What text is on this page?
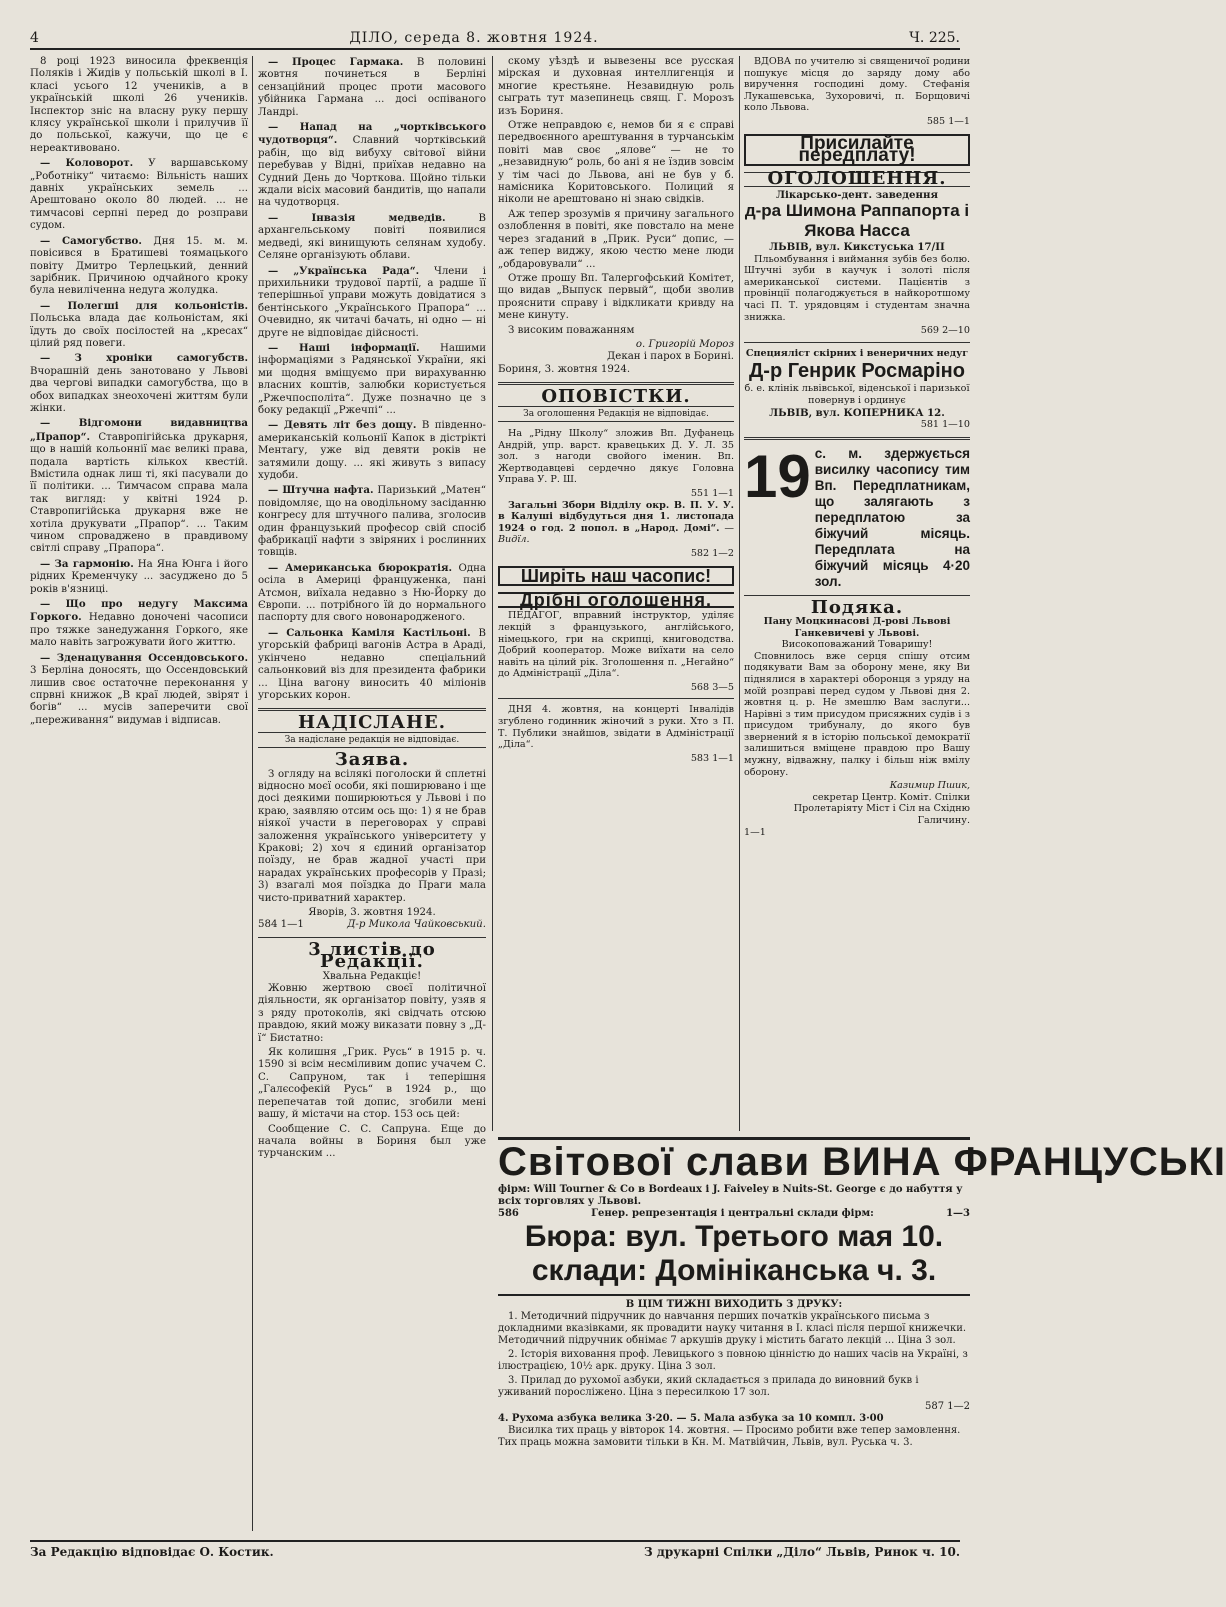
4	ДІЛО, середа 8. жовтня 1924.	Ч. 225.

8 році 1923 виносила фреквенція Поляків і Жидів у польській школі в I. класі усього 12 учеників, а в українській школі 26 учеників. Інспектор зніс на власну руку першу клясу української школи і прилучив її до польської, кажучи, що це є нереактивовано.

— Коловорот. У варшавському „Роботніку“ читаємо: Вільність наших давніх українських земель ... Арештовано около 80 людей. ... не тимчасові серпні перед до розправи судом.

— Самогубство. Дня 15. м. м. повісився в Братишеві тоямацького повіту Дмитро Терлецький, денний зарібник. Причиною одчайного кроку була невиліченна недуга жолудка.

— Полегші для кольоністів. Польська влада дає кольоністам, які їдуть до своїх посілостей на „кресах“ цілий ряд повеги.

— З хроніки самогубств. Вчорашній день занотовано у Львові два чергові випадки самогубства, що в обох випадках знеохочені життям були жінки.

— Відгомони видавництва „Прапор“. Ставропігійська друкарня, що в нашій кольоннії має великі права, подала вартість кількох квестій. Вмістила однак лиш ті, які пасували до її політики. ... Тимчасом справа мала так вигляд: у квітні 1924 р. Ставропигійська друкарня вже не хотіла друкувати „Прапор“. ... Таким чином спроваджено в правдивому світлі справу „Прапора“.

— За гармонію. На Яна Юнга і його рідних Кременчуку ... засуджено до 5 років в'язниці.

— Що про недугу Максима Горкого. Недавно доночені часописи про тяжке занедужання Горкого, яке мало навіть загрожувати його життю.

— Зденацування Оссендовського. 3 Берліна доносять, що Оссендовський лишив своє остаточне переконання у спрвні книжок „В краї людей, звірят і богів“ ... мусів заперечити свої „переживання“ видумав і відписав.

— Процес Гармака. В половині жовтня починеться в Берліні сензаційний процес проти масового убійника Гармана ... досі оспіваного Ландрі.

— Напад на „чортківського чудотворця“. Славний чортківський рабін, що від вибуху світової війни перебував у Відні, приїхав недавно на Судний День до Чорткова. Щойно тільки ждали вісіх масовий бандитів, що напали на чудотворця.

— Інвазія медведів.	В архангельському повіті появилися медведі, які винищують селянам худобу. Селяне організують облави.

— „Українська Рада“. Члени і прихильники трудової партії, а радше її теперішньої управи можуть довідатися з бентінського „Українського Прапора“ ... Очевидно, як читачі бачать, ні одно — ні друге не відповідає дійсності.

— Наші інформації. Нашими інформаціями з Радянської України, які ми щодня вміщуємо при вирахуванню власних коштів, залюбки користується „Ржечпосполіта“. Дуже позначно це з боку редакції „Ржечпі“ ...

— Девять літ без дощу. В південно-американській кольонії Капок в дістрікті Ментагу, уже від девяти років не затямили дощу. ... які живуть з випасу худоби.

— Штучна нафта. Паризький „Матен“ повідомляє, що на оводільному засіданню конгресу для штучного палива, зголосив один французький професор свій спосіб фабрикації нафти з звіряних і рослинних товщів.

— Американська бюрократія. Одна осіла в Америці француженка, пані Атсмон, виїхала недавно з Ню-Йорку до Європи. ... потрібного їй до нормального паспорту для свого новонародженого.

— Сальонка Каміля Кастільоні. В угорській фабриці вагонів Астра в Араді, укінчено недавно спеціальний сальонковий віз для президента фабрики ... Ціна вагону виносить 40 міліонів угорських корон.

НАДІСЛАНЕ.
За надіслане редакція не відповідає.
Заява.

З огляду на всілякі поголоски й сплетні відносно моєї особи, які поширювано і ще досі деякими поширюються у Львові і по краю, заявляю отсим ось що: 1) я не брав ніякої участи в переговорах у справі заложення українського університету у Кракові; 2) хоч я єдиний організатор поїзду, не брав жадної участі при нарадах українських професорів у Празі; 3) взагалі моя поїздка до Праги мала чисто-приватний характер.

Яворів, 3. жовтня 1924.
584 1—1	Д-р Микола Чайковський.
3 листів до Редакції.
Хвальна Редакціє!

Жовню жертвою своєї політичної діяльности, як організатор повіту, узяв я з ряду протоколів, які свідчать отсюю правдою, який можу виказати повну з „Д-ї“ Бистатно:

Як колишня „Грик. Русь“ в 1915 р. ч. 1590 зі всім несміливим допис учачем С. С. Сапруном, так і теперішня „Галєсофекій Русь“ в 1924 р., що перепечатав той допис, згобили мені вашу, й містачи на стор. 153 ось цей:

Сообщение С. С. Сапруна. Еще до начала войны в Бориня был уже турчанским ...

скому уѣздѣ и вывезены все русская мірская и духовная интеллигенція и многие крестьяне. Незавидную роль сыграть тут мазепинець свящ. Г. Морозъ изъ Бориня.

Отже неправдою є, немов би я є справі передвоєнного арештування в турчанськім повіті мав своє „ялове“ — не то „незавидную“ роль, бо ані я не їздив зовсім у тім часі до Львова, ані не був у б. намісника Коритовського. Полиций я ніколи не арештовано ні знаю свідків.

Аж тепер зрозумів я причину загального озлоблення в повіті, яке повстало на мене через згаданий в „Прик. Руси“ допис, — аж тепер виджу, якою честю мене люди „обдаровували“ ...

Отже прошу Вп. Талергофський Комітет, що видав „Выпуск первый“, щоби зволив прояснити справу і відкликати кривду на мене кинуту.

З високим поважанням

о. Григорій Мороз
Декан і парох в Борині.
Бориня, 3. жовтня 1924.
ОПОВІСТКИ.
За оголошення Редакція не відповідає.

На „Рідну Школу“ зложив Вп. Дуфанець Андрій, упр. варст. кравецьких Д. У. Л. 35 зол. з нагоди свойого іменин. Вп. Жертводавцеві сердечно дякує Головна Управа У. Р. Ш.

551 1—1

Загальні Збори Відділу окр. В. П. У. У. в Калуші відбудуться дня 1. листопада 1924 о год. 2 попол. в „Народ. Домі“. — Видїл.

582 1—2
Ширіть наш часопис!
Дрібні оголошення.

ПЕДАГОГ, вправний інструктор, уділяє лекцій з французького, англійського, німецького, гри на скрипці, книговодства. Добрий кооператор. Може виїхати на село навіть на цілий рік. Зголошення п. „Негайно“ до Адміністрації „Діла“.

568 3—5

ДНЯ 4. жовтня, на концерті Інвалідів згублено годинник жіночий з руки. Хто з П. Т. Публики знайшов, звідати в Адміністрації „Діла“.

583 1—1

ВДОВА по учителю зі священичої родини пошукує місця до заряду дому або виручення господині дому. Стефанія Лукашевська, Зухоровичі, п. Борщовичі коло Львова.

585 1—1
Присилайте передплату!
ОГОЛОШЕННЯ.
Лікарсько-дент. заведення
д-ра Шимона Раппапорта і Якова Насса
ЛЬВІВ, вул. Кикстуська 17/II

Пльомбування і виймання зубів без болю. Штучні зуби в каучук і золоті після американської системи. Пацієнтів з провінції полагоджується в найкоротшому часі П. Т. урядовцям і студентам значна знижка.

569 2—10
Специяліст скірних і венеричних недуг
Д-р Генрик Росмаріно
б. е. клінік львівської, віденської і паризької повернув і ординує
ЛЬВІВ, вул. КОПЕРНИКА 12.
581 1—10
19 с. м. здержується висилку часопису тим Вп. Передплатникам, що залягають з передплатою за біжучий місяць. Передплата на біжучий місяць 4·20 зол.
Подяка.
Пану Моцкинасові Д-рові Львові Ганкевичеві у Львові.
Високоповажаний Товаришу!

Сповнилось вже серця спішу отсим подякувати Вам за оборону мене, яку Ви піднялися в характері оборонця з уряду на моїй розправі перед судом у Львові дня 2. жовтня ц. р. Не змешлю Вам заслуги... Нарівні з тим присудом присяжних судів і з присудом трибуналу, до якого був звернений я в історію польської демократії залишиться вміщене правдою про Вашу мужну, відважну, палку і більш ніж вмілу оборону.

Казимир Пшик,
секретар Центр. Коміт. Спілки Пролетаріяту Міст і Сіл на Східню Галичину.
1—1
Світової слави ВИНА ФРАНЦУСЬКІ
фірм: Will Tourner & Co в Bordeaux і J. Faiveley в Nuits-St. George є до набуття у всіх торговлях у Львові.
586	Генер. репрезентація і центральні склади фірм:	1—3
Бюра: вул. Третього мая 10.
склади: Домініканська ч. 3.
В ЦІМ ТИЖНІ ВИХОДИТЬ З ДРУКУ:

1. Методичний підручник до навчання перших початків українського письма з докладними вказівками, як провадити науку читання в I. класі після першої книжечки. Методичний підручник обнімає 7 аркушів друку і містить багато лекцій ... Ціна 3 зол.

2. Історія виховання проф. Левицького з повною цінністю до наших часів на Україні, з ілюстрацією, 10½ арк. друку. Ціна 3 зол.

3. Прилад до рухомої азбуки, який складається з прилада до виновний букв і уживаний поросліжено. Ціна з пересилкою 17 зол.

587 1—2
4. Рухома азбука велика 3·20. — 5. Мала азбука за 10 компл. 3·00

Висилка тих праць у вівторок 14. жовтня. — Просимо робити вже тепер замовлення. Тих праць можна замовити тільки в Кн. М. Матвійчин, Львів, вул. Руська ч. 3.

За Редакцію відповідає О. Костик.	З друкарні Спілки „Діло“ Львів, Ринок ч. 10.
